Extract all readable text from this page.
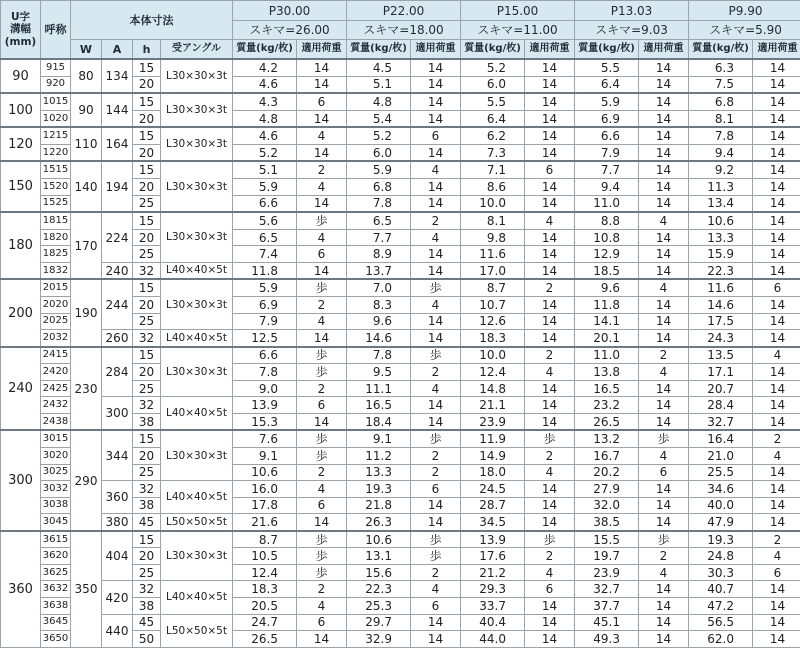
U字
溝幅
(mm)	呼称	本体寸法				P30.00		P22.00		P15.00		P13.03		P9.90	
						スキマ=26.00		スキマ=18.00		スキマ=11.00		スキマ=9.03		スキマ=5.90	
		W	A	h	受アングル	質量(kg/枚)	適用荷重	質量(kg/枚)	適用荷重	質量(kg/枚)	適用荷重	質量(kg/枚)	適用荷重	質量(kg/枚)	適用荷重
90	915	80	134	15	L30×30×3t	4.2	14	4.5	14	5.2	14	5.5	14	6.3	14
	920			20		4.6	14	5.1	14	6.0	14	6.4	14	7.5	14
100	1015	90	144	15	L30×30×3t	4.3	6	4.8	14	5.5	14	5.9	14	6.8	14
	1020			20		4.8	14	5.4	14	6.4	14	6.9	14	8.1	14
120	1215	110	164	15	L30×30×3t	4.6	4	5.2	6	6.2	14	6.6	14	7.8	14
	1220			20		5.2	14	6.0	14	7.3	14	7.9	14	9.4	14
150	1515	140	194	15	L30×30×3t	5.1	2	5.9	4	7.1	6	7.7	14	9.2	14
	1520			20		5.9	4	6.8	14	8.6	14	9.4	14	11.3	14
	1525			25		6.6	14	7.8	14	10.0	14	11.0	14	13.4	14
180	1815	170	224	15	L30×30×3t	5.6	歩	6.5	2	8.1	4	8.8	4	10.6	14
	1820			20		6.5	4	7.7	4	9.8	14	10.8	14	13.3	14
	1825			25		7.4	6	8.9	14	11.6	14	12.9	14	15.9	14
	1832		240	32	L40×40×5t	11.8	14	13.7	14	17.0	14	18.5	14	22.3	14
200	2015	190	244	15	L30×30×3t	5.9	歩	7.0	歩	8.7	2	9.6	4	11.6	6
	2020			20		6.9	2	8.3	4	10.7	14	11.8	14	14.6	14
	2025			25		7.9	4	9.6	14	12.6	14	14.1	14	17.5	14
	2032		260	32	L40×40×5t	12.5	14	14.6	14	18.3	14	20.1	14	24.3	14
240	2415	230	284	15	L30×30×3t	6.6	歩	7.8	歩	10.0	2	11.0	2	13.5	4
	2420			20		7.8	歩	9.5	2	12.4	4	13.8	4	17.1	14
	2425			25		9.0	2	11.1	4	14.8	14	16.5	14	20.7	14
	2432		300	32	L40×40×5t	13.9	6	16.5	14	21.1	14	23.2	14	28.4	14
	2438			38		15.3	14	18.4	14	23.9	14	26.5	14	32.7	14
300	3015	290	344	15	L30×30×3t	7.6	歩	9.1	歩	11.9	歩	13.2	歩	16.4	2
	3020			20		9.1	歩	11.2	2	14.9	2	16.7	4	21.0	4
	3025			25		10.6	2	13.3	2	18.0	4	20.2	6	25.5	14
	3032		360	32	L40×40×5t	16.0	4	19.3	6	24.5	14	27.9	14	34.6	14
	3038			38		17.8	6	21.8	14	28.7	14	32.0	14	40.0	14
	3045		380	45	L50×50×5t	21.6	14	26.3	14	34.5	14	38.5	14	47.9	14
360	3615	350	404	15	L30×30×3t	8.7	歩	10.6	歩	13.9	歩	15.5	歩	19.3	2
	3620			20		10.5	歩	13.1	歩	17.6	2	19.7	2	24.8	4
	3625			25		12.4	歩	15.6	2	21.2	4	23.9	4	30.3	6
	3632		420	32	L40×40×5t	18.3	2	22.3	4	29.3	6	32.7	14	40.7	14
	3638			38		20.5	4	25.3	6	33.7	14	37.7	14	47.2	14
	3645		440	45	L50×50×5t	24.7	6	29.7	14	40.4	14	45.1	14	56.5	14
	3650			50		26.5	14	32.9	14	44.0	14	49.3	14	62.0	14
